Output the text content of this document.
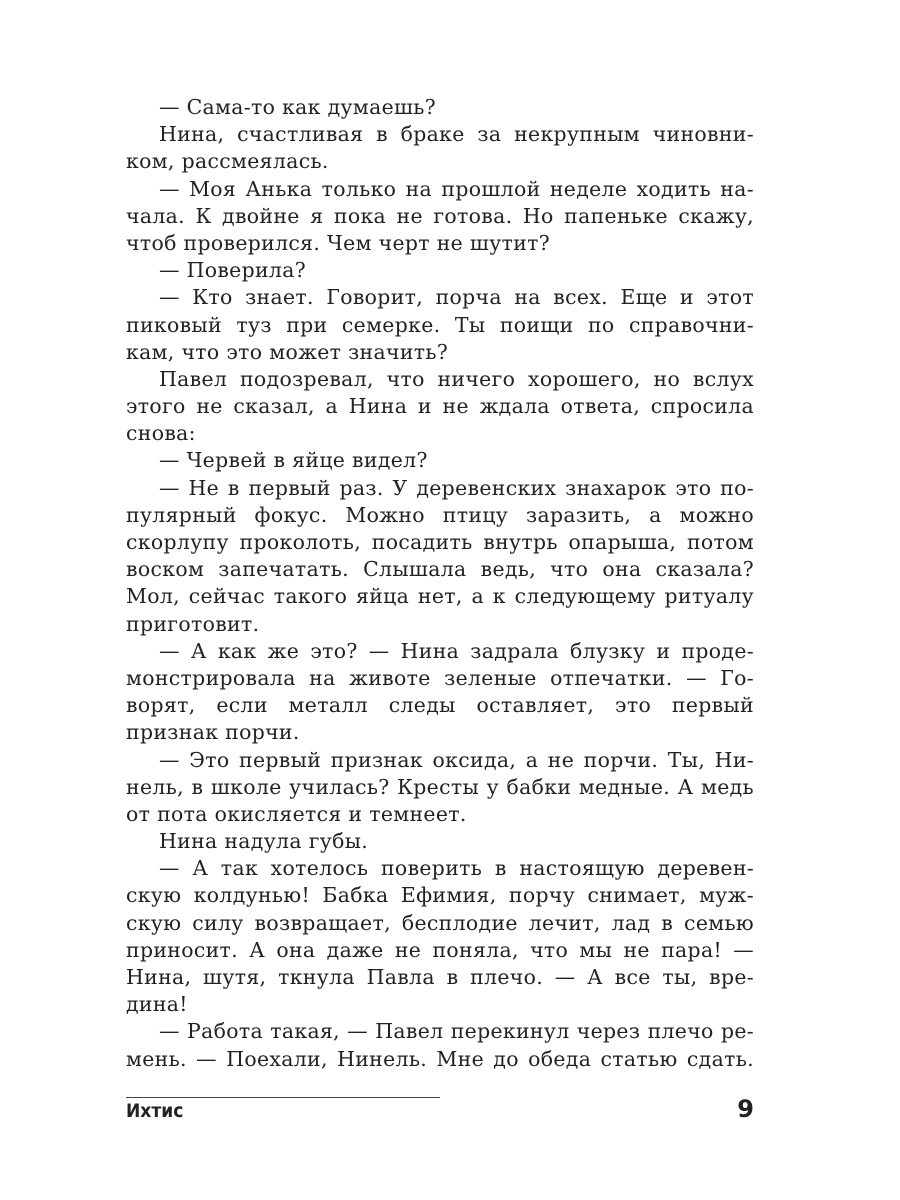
— Сама-то как думаешь?
Нина, счастливая в браке за некрупным чиновни-
ком, рассмеялась.
— Моя Анька только на прошлой неделе ходить на-
чала. К двойне я пока не готова. Но папеньке скажу,
чтоб проверился. Чем черт не шутит?
— Поверила?
— Кто знает. Говорит, порча на всех. Еще и этот
пиковый туз при семерке. Ты поищи по справочни-
кам, что это может значить?
Павел подозревал, что ничего хорошего, но вслух
этого не сказал, а Нина и не ждала ответа, спросила
снова:
— Червей в яйце видел?
— Не в первый раз. У деревенских знахарок это по-
пулярный фокус. Можно птицу заразить, а можно
скорлупу проколоть, посадить внутрь опарыша, потом
воском запечатать. Слышала ведь, что она сказала?
Мол, сейчас такого яйца нет, а к следующему ритуалу
приготовит.
— А как же это? — Нина задрала блузку и проде-
монстрировала на животе зеленые отпечатки. — Го-
ворят, если металл следы оставляет, это первый
признак порчи.
— Это первый признак оксида, а не порчи. Ты, Ни-
нель, в школе училась? Кресты у бабки медные. А медь
от пота окисляется и темнеет.
Нина надула губы.
— А так хотелось поверить в настоящую деревен-
скую колдунью! Бабка Ефимия, порчу снимает, муж-
скую силу возвращает, бесплодие лечит, лад в семью
приносит. А она даже не поняла, что мы не пара! —
Нина, шутя, ткнула Павла в плечо. — А все ты, вре-
дина!
— Работа такая, — Павел перекинул через плечо ре-
мень. — Поехали, Нинель. Мне до обеда статью сдать.
Ихтис	9
